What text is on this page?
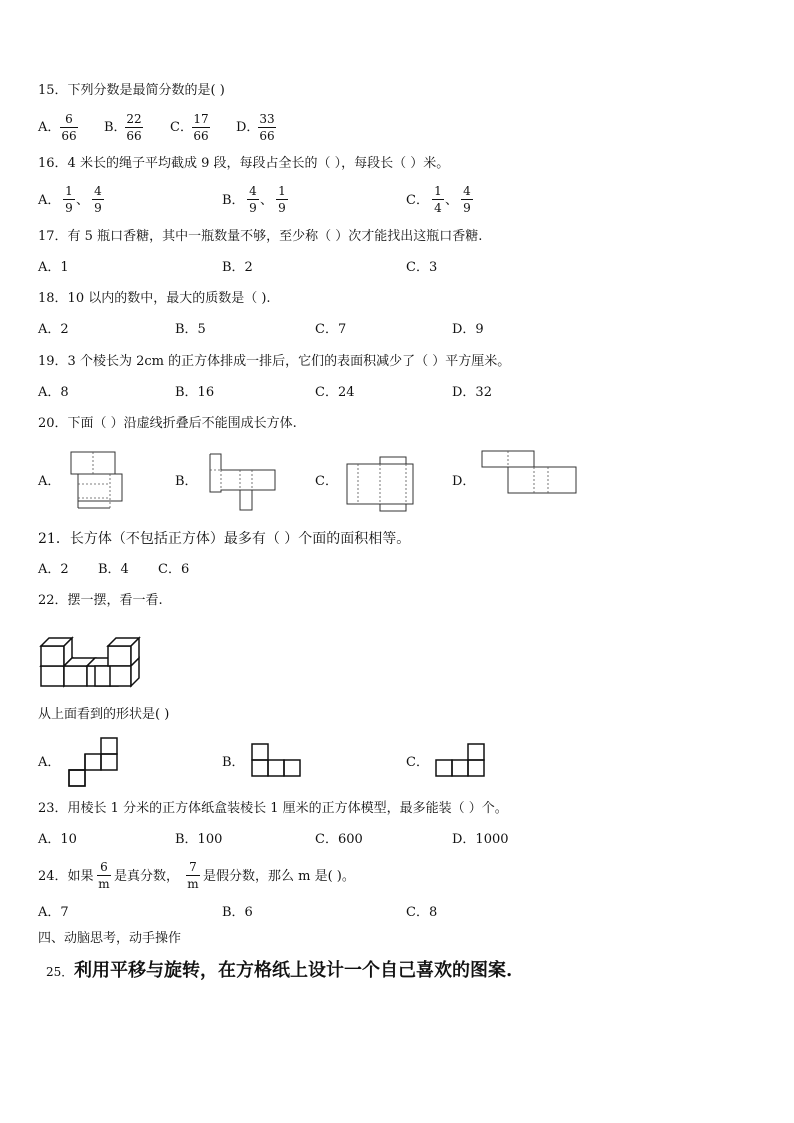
15．下列分数是最简分数的是( )
A．
6
66
B．
22
66
C．
17
66
D．
33
66
16．4 米长的绳子平均截成 9 段，每段占全长的（ ），每段长（ ）米。
A．
1
9 、
4
9	B．
4
9 、
1
9	C．
1
4 、
4
9
17．有 5 瓶口香糖，其中一瓶数量不够，至少称（ ）次才能找出这瓶口香糖.
A．1	B．2	C．3
18．10 以内的数中，最大的质数是（ ).
A．2	B．5	C．7	D．9
19．3 个棱长为 2cm 的正方体排成一排后，它们的表面积减少了（ ）平方厘米。
A．8	B．16	C．24	D．32
20．下面（ ）沿虚线折叠后不能围成长方体.
A．	B．	C．	D．
21．长方体（不包括正方体）最多有（ ）个面的面积相等。
A．2 B．4 C．6
22．摆一摆，看一看.
从上面看到的形状是( )
A．	B．	C．
23．用棱长 1 分米的正方体纸盒装棱长 1 厘米的正方体模型，最多能装（ ）个。
A．10	B．100	C．600	D．1000
24．如果
6
m 是真分数，
7
m 是假分数，那么 m 是( )。
A．7	B．6	C．8
四、动脑思考，动手操作
25． 利用平移与旋转，在方格纸上设计一个自己喜欢的图案.
